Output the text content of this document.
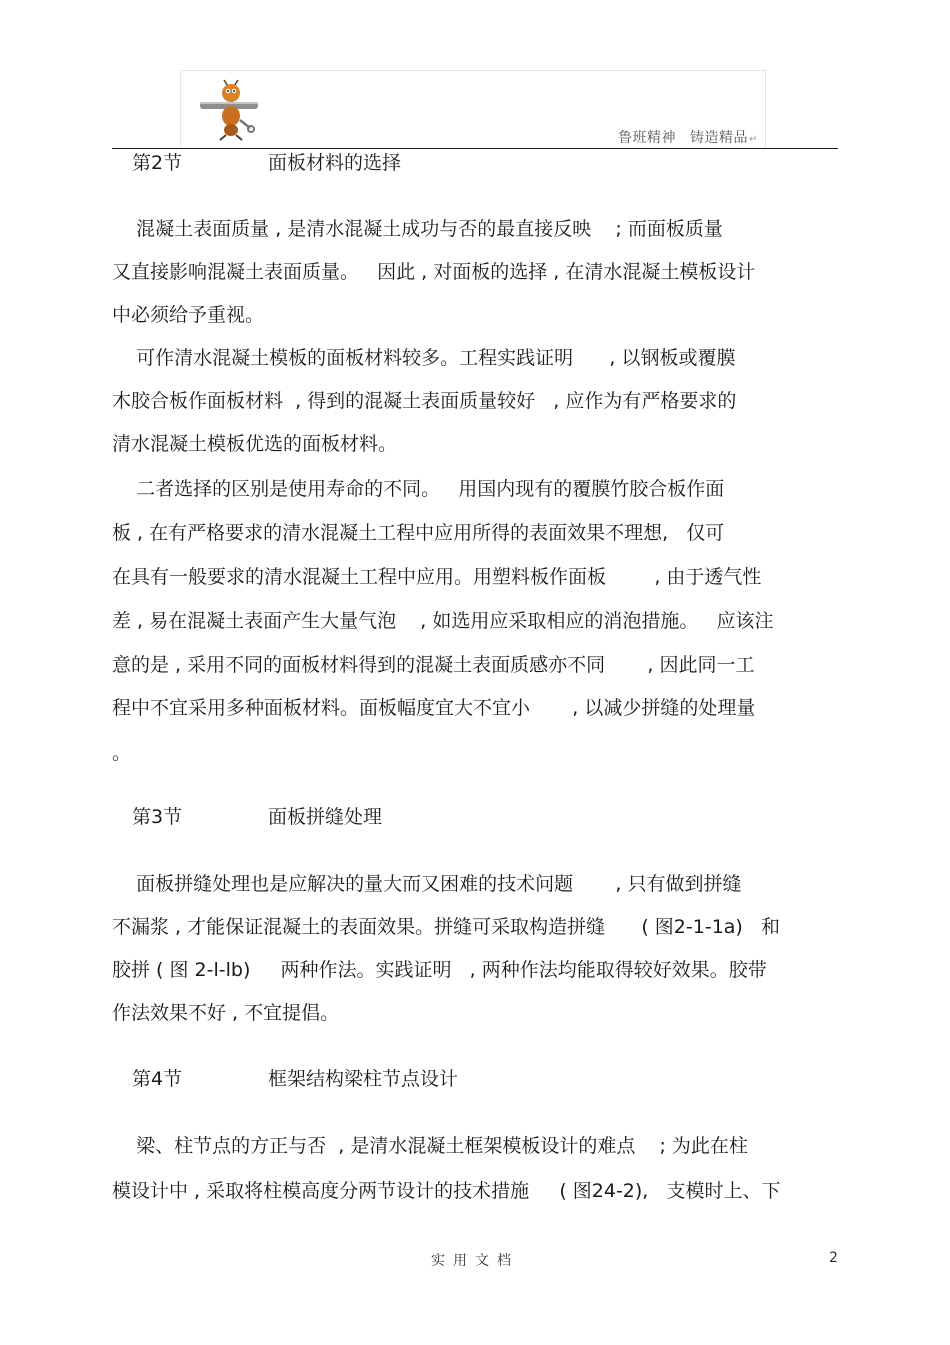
鲁班精神 铸造精品↵
第2节	面板材料的选择
混凝土表面质量 , 是清水混凝土成功与否的最直接反映    ; 而面板质量
又直接影响混凝土表面质量。   因此 , 对面板的选择 , 在清水混凝土模板设计
中必须给予重视。
可作清水混凝土模板的面板材料较多。工程实践证明      , 以钢板或覆膜
木胶合板作面板材料  , 得到的混凝土表面质量较好   , 应作为有严格要求的
清水混凝土模板优选的面板材料。
二者选择的区别是使用寿命的不同。   用国内现有的覆膜竹胶合板作面
板 , 在有严格要求的清水混凝土工程中应用所得的表面效果不理想,   仅可
在具有一般要求的清水混凝土工程中应用。用塑料板作面板        , 由于透气性
差 , 易在混凝土表面产生大量气泡    , 如选用应采取相应的消泡措施。   应该注
意的是 , 采用不同的面板材料得到的混凝土表面质感亦不同       , 因此同一工
程中不宜采用多种面板材料。面板幅度宜大不宜小       , 以减少拼缝的处理量
。
第3节	面板拼缝处理
面板拼缝处理也是应解决的量大而又困难的技术问题       , 只有做到拼缝
不漏浆 , 才能保证混凝土的表面效果。拼缝可采取构造拼缝      ( 图2-1-1a)   和
胶拼 ( 图 2-l-lb)     两种作法。实践证明   , 两种作法均能取得较好效果。胶带
作法效果不好 , 不宜提倡。
第4节	框架结构梁柱节点设计
梁、柱节点的方正与否  , 是清水混凝土框架模板设计的难点    ; 为此在柱
模设计中 , 采取将柱模高度分两节设计的技术措施     ( 图24-2),   支模时上、下
实用文档	2
